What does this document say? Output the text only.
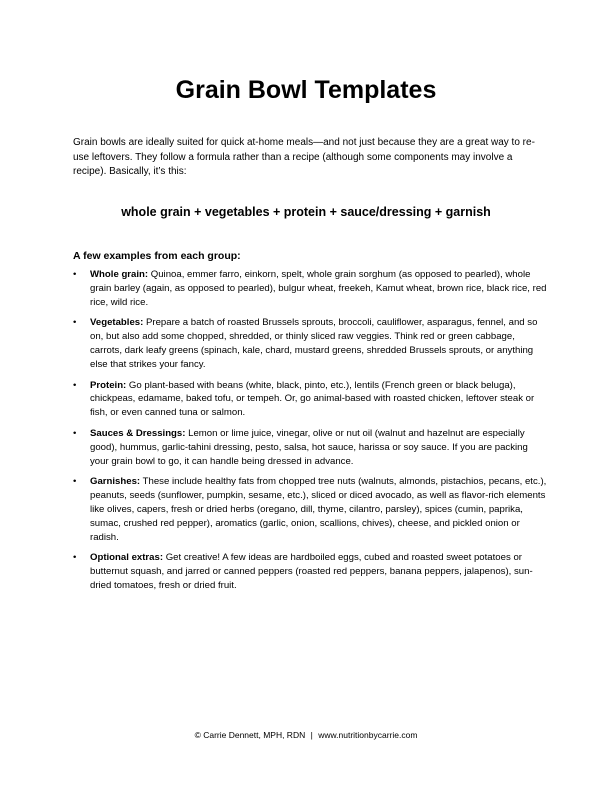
Grain Bowl Templates
Grain bowls are ideally suited for quick at-home meals—and not just because they are a great way to re-use leftovers. They follow a formula rather than a recipe (although some components may involve a recipe). Basically, it’s this:
whole grain + vegetables + protein + sauce/dressing + garnish
A few examples from each group:
• Whole grain: Quinoa, emmer farro, einkorn, spelt, whole grain sorghum (as opposed to pearled), whole grain barley (again, as opposed to pearled), bulgur wheat, freekeh, Kamut wheat, brown rice, black rice, red rice, wild rice.
• Vegetables: Prepare a batch of roasted Brussels sprouts, broccoli, cauliflower, asparagus, fennel, and so on, but also add some chopped, shredded, or thinly sliced raw veggies. Think red or green cabbage, carrots, dark leafy greens (spinach, kale, chard, mustard greens, shredded Brussels sprouts, or anything else that strikes your fancy.
• Protein: Go plant-based with beans (white, black, pinto, etc.), lentils (French green or black beluga), chickpeas, edamame, baked tofu, or tempeh. Or, go animal-based with roasted chicken, leftover steak or fish, or even canned tuna or salmon.
• Sauces & Dressings: Lemon or lime juice, vinegar, olive or nut oil (walnut and hazelnut are especially good), hummus, garlic-tahini dressing, pesto, salsa, hot sauce, harissa or soy sauce. If you are packing your grain bowl to go, it can handle being dressed in advance.
• Garnishes: These include healthy fats from chopped tree nuts (walnuts, almonds, pistachios, pecans, etc.), peanuts, seeds (sunflower, pumpkin, sesame, etc.), sliced or diced avocado, as well as flavor-rich elements like olives, capers, fresh or dried herbs (oregano, dill, thyme, cilantro, parsley), spices (cumin, paprika, sumac, crushed red pepper), aromatics (garlic, onion, scallions, chives), cheese, and pickled onion or radish.
• Optional extras: Get creative! A few ideas are hardboiled eggs, cubed and roasted sweet potatoes or butternut squash, and jarred or canned peppers (roasted red peppers, banana peppers, jalapenos), sun-dried tomatoes, fresh or dried fruit.
© Carrie Dennett, MPH, RDN | www.nutritionbycarrie.com
